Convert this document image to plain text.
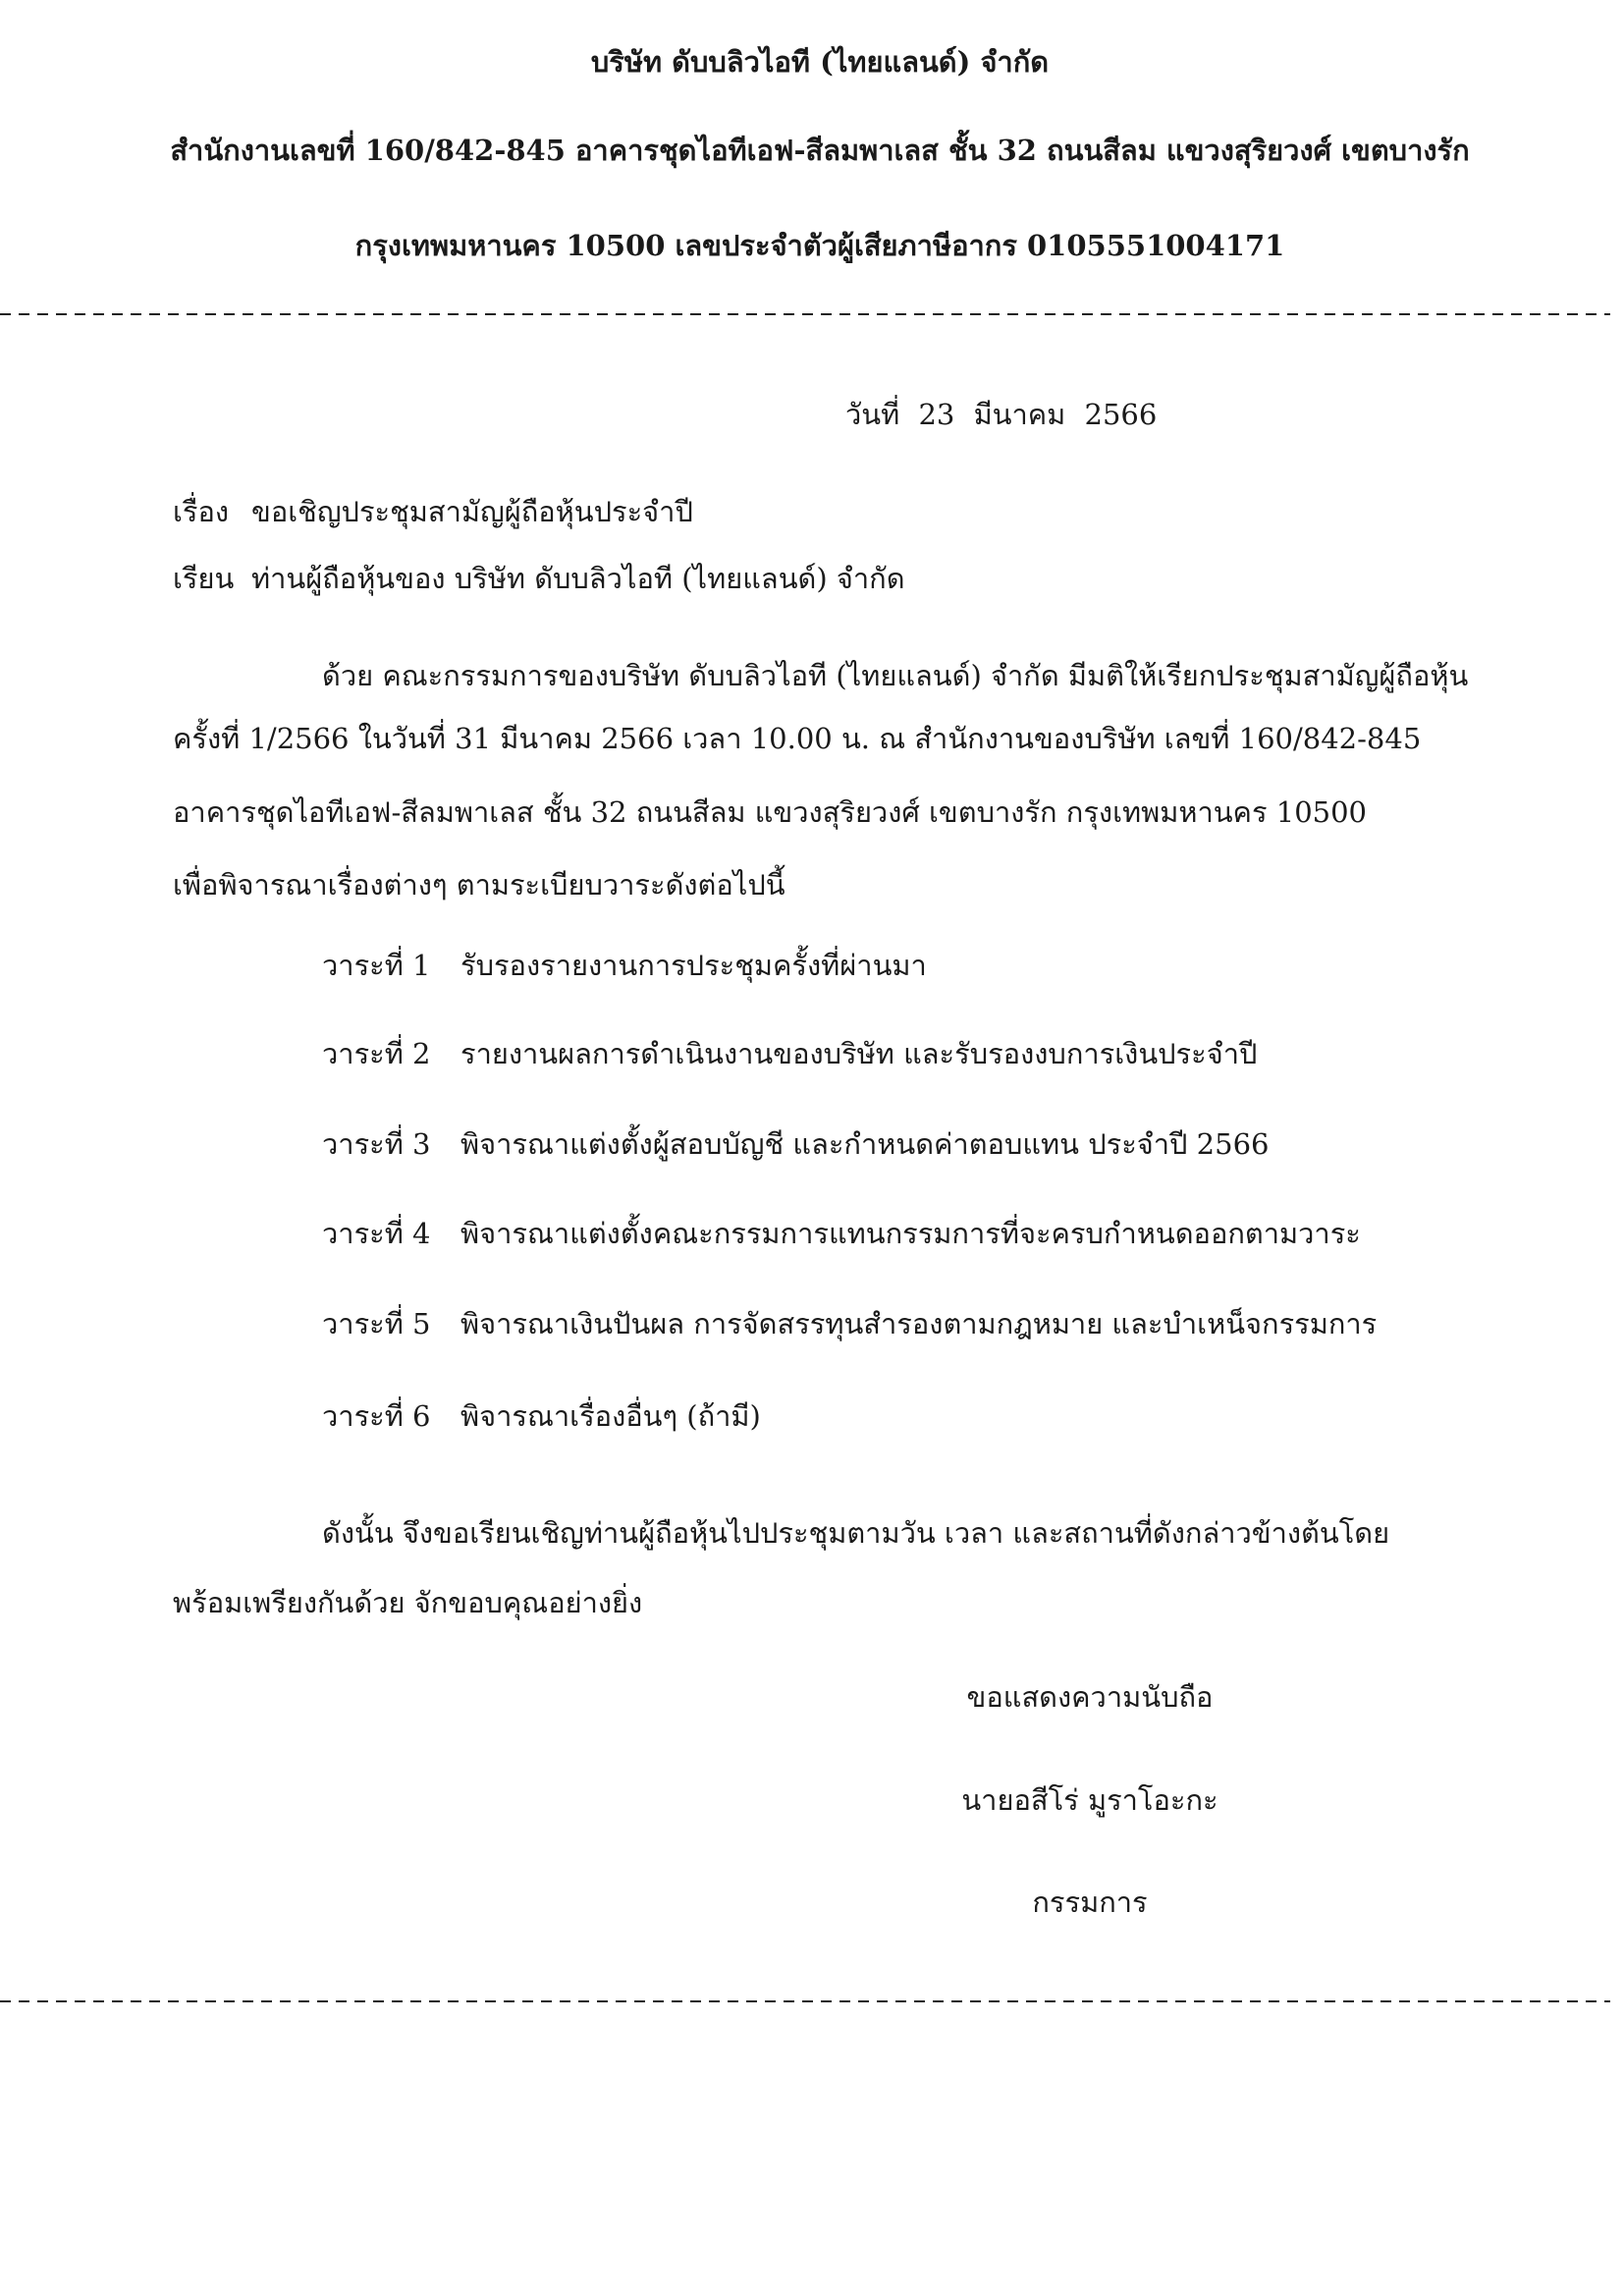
บริษัท ดับบลิวไอที (ไทยแลนด์) จำกัด
สำนักงานเลขที่ 160/842-845 อาคารชุดไอทีเอฟ-สีลมพาเลส ชั้น 32 ถนนสีลม แขวงสุริยวงศ์ เขตบางรัก
กรุงเทพมหานคร 10500 เลขประจำตัวผู้เสียภาษีอากร 0105551004171
วันที่ 23 มีนาคม 2566
เรื่อง ขอเชิญประชุมสามัญผู้ถือหุ้นประจำปี
เรียน ท่านผู้ถือหุ้นของ บริษัท ดับบลิวไอที (ไทยแลนด์) จำกัด
ด้วย คณะกรรมการของบริษัท ดับบลิวไอที (ไทยแลนด์) จำกัด มีมติให้เรียกประชุมสามัญผู้ถือหุ้น
ครั้งที่ 1/2566 ในวันที่ 31 มีนาคม 2566 เวลา 10.00 น. ณ สำนักงานของบริษัท เลขที่ 160/842-845
อาคารชุดไอทีเอฟ-สีลมพาเลส ชั้น 32 ถนนสีลม แขวงสุริยวงศ์ เขตบางรัก กรุงเทพมหานคร 10500
เพื่อพิจารณาเรื่องต่างๆ ตามระเบียบวาระดังต่อไปนี้
วาระที่ 1	รับรองรายงานการประชุมครั้งที่ผ่านมา
วาระที่ 2	รายงานผลการดำเนินงานของบริษัท และรับรองงบการเงินประจำปี
วาระที่ 3	พิจารณาแต่งตั้งผู้สอบบัญชี และกำหนดค่าตอบแทน ประจำปี 2566
วาระที่ 4	พิจารณาแต่งตั้งคณะกรรมการแทนกรรมการที่จะครบกำหนดออกตามวาระ
วาระที่ 5	พิจารณาเงินปันผล การจัดสรรทุนสำรองตามกฎหมาย และบำเหน็จกรรมการ
วาระที่ 6	พิจารณาเรื่องอื่นๆ (ถ้ามี)
ดังนั้น จึงขอเรียนเชิญท่านผู้ถือหุ้นไปประชุมตามวัน เวลา และสถานที่ดังกล่าวข้างต้นโดย
พร้อมเพรียงกันด้วย จักขอบคุณอย่างยิ่ง
ขอแสดงความนับถือ
นายอสีโร่ มูราโอะกะ
กรรมการ
